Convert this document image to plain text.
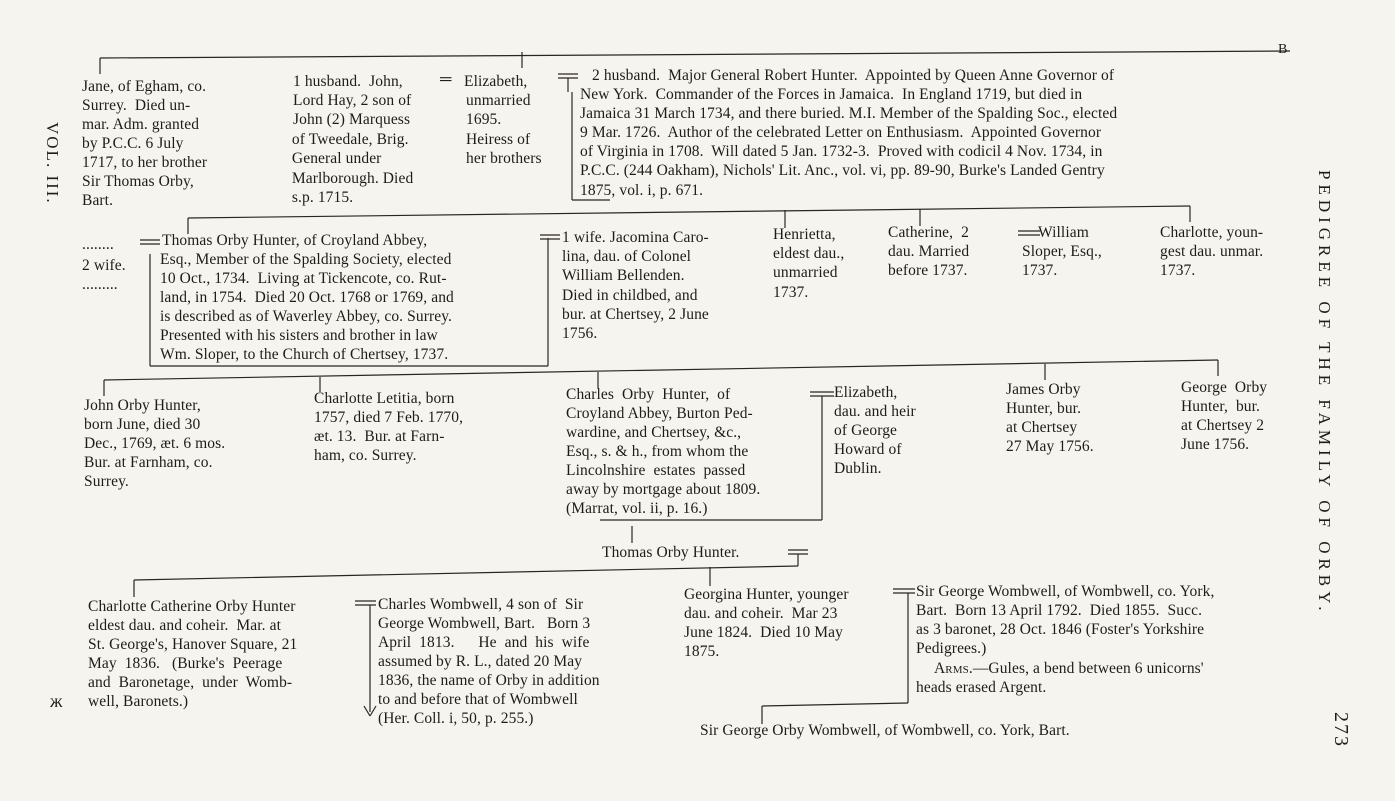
VOL. III.
PEDIGREE OF THE FAMILY OF ORBY.
273
ж
B
Jane, of Egham, co.
Surrey.  Died un-
mar. Adm. granted
by P.C.C. 6 July
1717, to her brother
Sir Thomas Orby,
Bart.
1 husband.  John,
Lord Hay, 2 son of
John (2) Marquess
of Tweedale, Brig.
General under
Marlborough. Died
s.p. 1715.
═ Elizabeth,
unmarried
1695.
Heiress of
her brothers
2 husband.  Major General Robert Hunter.  Appointed by Queen Anne Governor of
New York.  Commander of the Forces in Jamaica.  In England 1719, but died in
Jamaica 31 March 1734, and there buried. M.I. Member of the Spalding Soc., elected
9 Mar. 1726.  Author of the celebrated Letter on Enthusiasm.  Appointed Governor
of Virginia in 1708.  Will dated 5 Jan. 1732-3.  Proved with codicil 4 Nov. 1734, in
P.C.C. (244 Oakham), Nichols' Lit. Anc., vol. vi, pp. 89-90, Burke's Landed Gentry
1875, vol. i, p. 671.
........
2 wife.
.........
Thomas Orby Hunter, of Croyland Abbey,
Esq., Member of the Spalding Society, elected
10 Oct., 1734.  Living at Tickencote, co. Rut-
land, in 1754.  Died 20 Oct. 1768 or 1769, and
is described as of Waverley Abbey, co. Surrey.
Presented with his sisters and brother in law
Wm. Sloper, to the Church of Chertsey, 1737.
1 wife. Jacomina Caro-
lina, dau. of Colonel
William Bellenden.
Died in childbed, and
bur. at Chertsey, 2 June
1756.
Henrietta,
eldest dau.,
unmarried
1737.
Catherine,  2
dau. Married
before 1737.
William
Sloper, Esq.,
1737.
Charlotte, youn-
gest dau. unmar.
1737.
John Orby Hunter,
born June, died 30
Dec., 1769, æt. 6 mos.
Bur. at Farnham, co.
Surrey.
Charlotte Letitia, born
1757, died 7 Feb. 1770,
æt. 13.  Bur. at Farn-
ham, co. Surrey.
Charles  Orby  Hunter,  of
Croyland Abbey, Burton Ped-
wardine, and Chertsey, &c.,
Esq., s. & h., from whom the
Lincolnshire  estates  passed
away by mortgage about 1809.
(Marrat, vol. ii, p. 16.)
Elizabeth,
dau. and heir
of George
Howard of
Dublin.
James Orby
Hunter, bur.
at Chertsey
27 May 1756.
George  Orby
Hunter,  bur.
at Chertsey 2
June 1756.
Thomas Orby Hunter.
Charlotte Catherine Orby Hunter
eldest dau. and coheir.  Mar. at
St. George's, Hanover Square, 21
May  1836.   (Burke's  Peerage
and  Baronetage,  under  Womb-
well, Baronets.)
Charles Wombwell, 4 son of  Sir
George Wombwell, Bart.   Born 3
April  1813.      He  and  his  wife
assumed by R. L., dated 20 May
1836, the name of Orby in addition
to and before that of Wombwell
(Her. Coll. i, 50, p. 255.)
Georgina Hunter, younger
dau. and coheir.  Mar 23
June 1824.  Died 10 May
1875.
Sir George Wombwell, of Wombwell, co. York,
Bart.  Born 13 April 1792.  Died 1855.  Succ.
as 3 baronet, 28 Oct. 1846 (Foster's Yorkshire
Pedigrees.)
Arms.—Gules, a bend between 6 unicorns'
heads erased Argent.
Sir George Orby Wombwell, of Wombwell, co. York, Bart.
